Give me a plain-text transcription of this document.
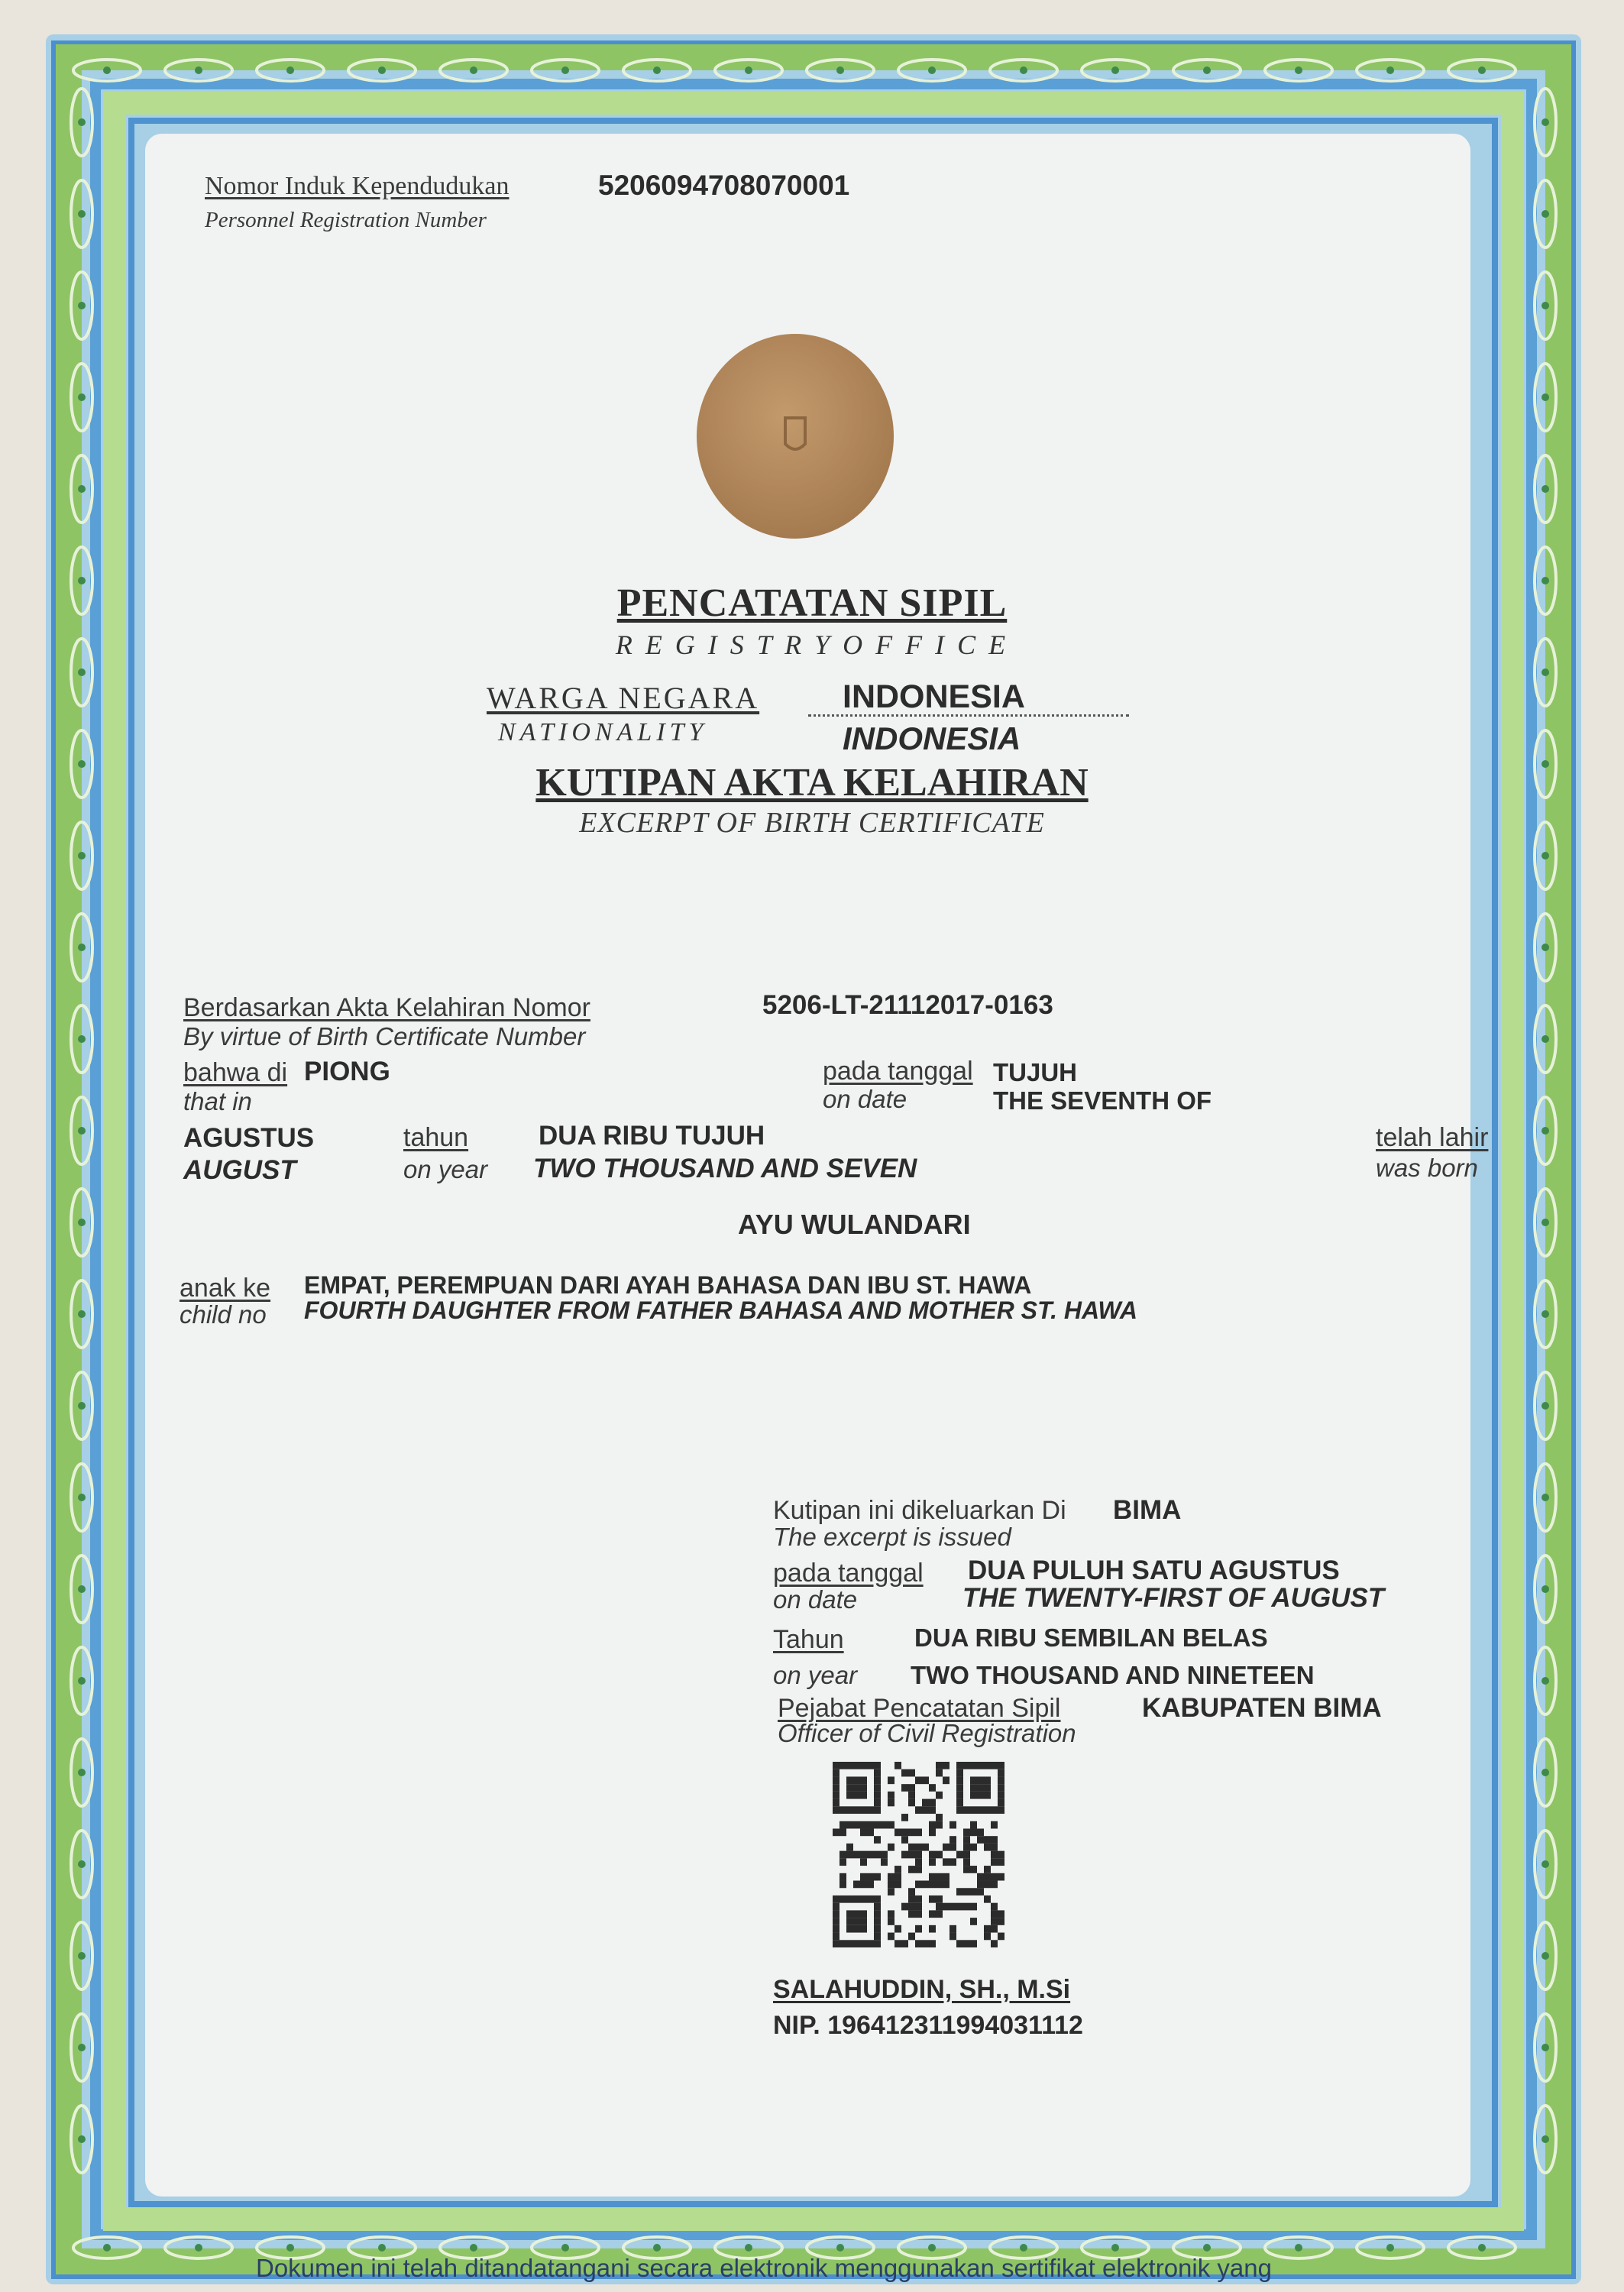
Nomor Induk Kependudukan
Personnel Registration Number
5206094708070001
PENCATATAN SIPIL
R E G I S T R Y O F F I C E
WARGA NEGARA
NATIONALITY
INDONESIA
INDONESIA
KUTIPAN AKTA KELAHIRAN
EXCERPT OF BIRTH CERTIFICATE
Berdasarkan Akta Kelahiran Nomor
By virtue of Birth Certificate Number
5206-LT-21112017-0163
bahwa di PIONG
that in
pada tanggal TUJUH
on date	THE SEVENTH OF
AGUSTUS
AUGUST
tahun
on year
DUA RIBU TUJUH
TWO THOUSAND AND SEVEN
telah lahir
was born
AYU WULANDARI
anak ke
child no
EMPAT, PEREMPUAN DARI AYAH BAHASA DAN IBU ST. HAWA
FOURTH DAUGHTER FROM FATHER BAHASA AND MOTHER ST. HAWA
Kutipan ini dikeluarkan Di
The excerpt is issued
BIMA
pada tanggal
on date
DUA PULUH SATU AGUSTUS
THE TWENTY-FIRST OF AUGUST
Tahun	DUA RIBU SEMBILAN BELAS
on year TWO THOUSAND AND NINETEEN
Pejabat Pencatatan Sipil
Officer of Civil Registration
KABUPATEN BIMA
SALAHUDDIN, SH., M.Si
NIP. 196412311994031112
Dokumen ini telah ditandatangani secara elektronik menggunakan sertifikat elektronik yang
